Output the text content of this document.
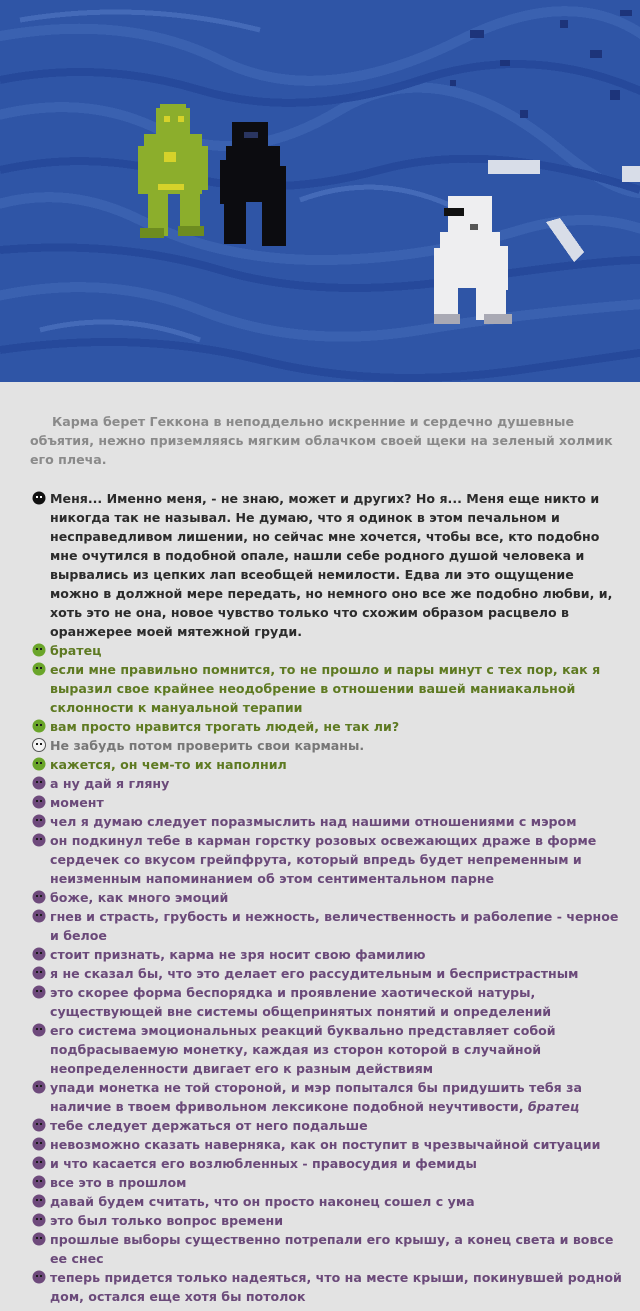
Карма берет Геккона в неподдельно искренние и сердечно душевные объятия, нежно приземляясь мягким облачком своей щеки на зеленый холмик его плеча.

Меня... Именно меня, - не знаю, может и других? Но я... Меня еще никто и никогда так не называл. Не думаю, что я одинок в этом печальном и несправедливом лишении, но сейчас мне хочется, чтобы все, кто подобно мне очутился в подобной опале, нашли себе родного душой человека и вырвались из цепких лап всеобщей немилости. Едва ли это ощущение можно в должной мере передать, но немного оно все же подобно любви, и, хоть это не она, новое чувство только что схожим образом расцвело в оранжерее моей мятежной груди.

братец

если мне правильно помнится, то не прошло и пары минут с тех пор, как я выразил свое крайнее неодобрение в отношении вашей маниакальной склонности к мануальной терапии

вам просто нравится трогать людей, не так ли?

Не забудь потом проверить свои карманы.

кажется, он чем-то их наполнил

а ну дай я гляну

момент

чел я думаю следует поразмыслить над нашими отношениями с мэром

он подкинул тебе в карман горстку розовых освежающих драже в форме сердечек со вкусом грейпфрута, который впредь будет непременным и неизменным напоминанием об этом сентиментальном парне

боже, как много эмоций

гнев и страсть, грубость и нежность, величественность и раболепие - черное и белое

стоит признать, карма не зря носит свою фамилию

я не сказал бы, что это делает его рассудительным и беспристрастным

это скорее форма беспорядка и проявление хаотической натуры, существующей вне системы общепринятых понятий и определений

его система эмоциональных реакций буквально представляет собой подбрасываемую монетку, каждая из сторон которой в случайной неопределенности двигает его к разным действиям

упади монетка не той стороной, и мэр попытался бы придушить тебя за наличие в твоем фривольном лексиконе подобной неучтивости, братец

тебе следует держаться от него подальше

невозможно сказать наверняка, как он поступит в чрезвычайной ситуации

и что касается его возлюбленных - правосудия и фемиды

все это в прошлом

давай будем считать, что он просто наконец сошел с ума

это был только вопрос времени

прошлые выборы существенно потрепали его крышу, а конец света и вовсе ее снес

теперь придется только надеяться, что на месте крыши, покинувшей родной дом, остался еще хотя бы потолок
